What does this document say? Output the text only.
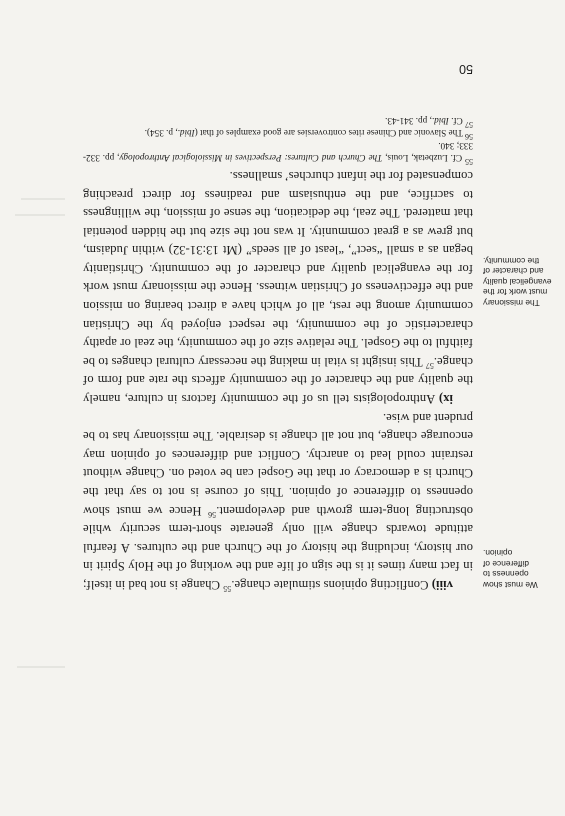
We must show openness to difference of opinion.
The missionary must work for the evangelical quality and character of the community.

viii) Conflicting opinions stimulate change.$^{55}$ Change is not bad in itself; in fact many times it is the sign of life and the working of the Holy Spirit in our history, including the history of the Church and the cultures. A fearful attitude towards change will only generate short-term security while obstructing long-term growth and development.$^{56}$ Hence we must show openness to difference of opinion. This of course is not to say that the Church is a democracy or that the Gospel can be voted on. Change without restraint could lead to anarchy. Conflict and differences of opinion may encourage change, but not all change is desirable. The missionary has to be prudent and wise.

ix) Anthropologists tell us of the community factors in culture, namely the quality and the character of the community affects the rate and form of change.$^{57}$ This insight is vital in making the necessary cultural changes to be faithful to the Gospel. The relative size of the community, the zeal or apathy characteristic of the community, the respect enjoyed by the Christian community among the rest, all of which have a direct bearing on mission and the effectiveness of Christian witness. Hence the missionary must work for the evangelical quality and character of the community. Christianity began as a small “sect”, “least of all seeds” (Mt 13:31-32) within Judaism, but grew as a great community. It was not the size but the hidden potential that mattered. The zeal, the dedication, the sense of mission, the willingness to sacrifice, and the enthusiasm and readiness for direct preaching compensated for the infant churches’ smallness.

$^{55}$ Cf. Luzbetak, Louis, The Church and Cultures: Perspectives in Missiological Anthropology, pp. 332-333; 340.

$^{56}$ The Slavonic and Chinese rites controversies are good examples of that (Ibid., p. 354).

$^{57}$ Cf. Ibid., pp. 341-43.

50
